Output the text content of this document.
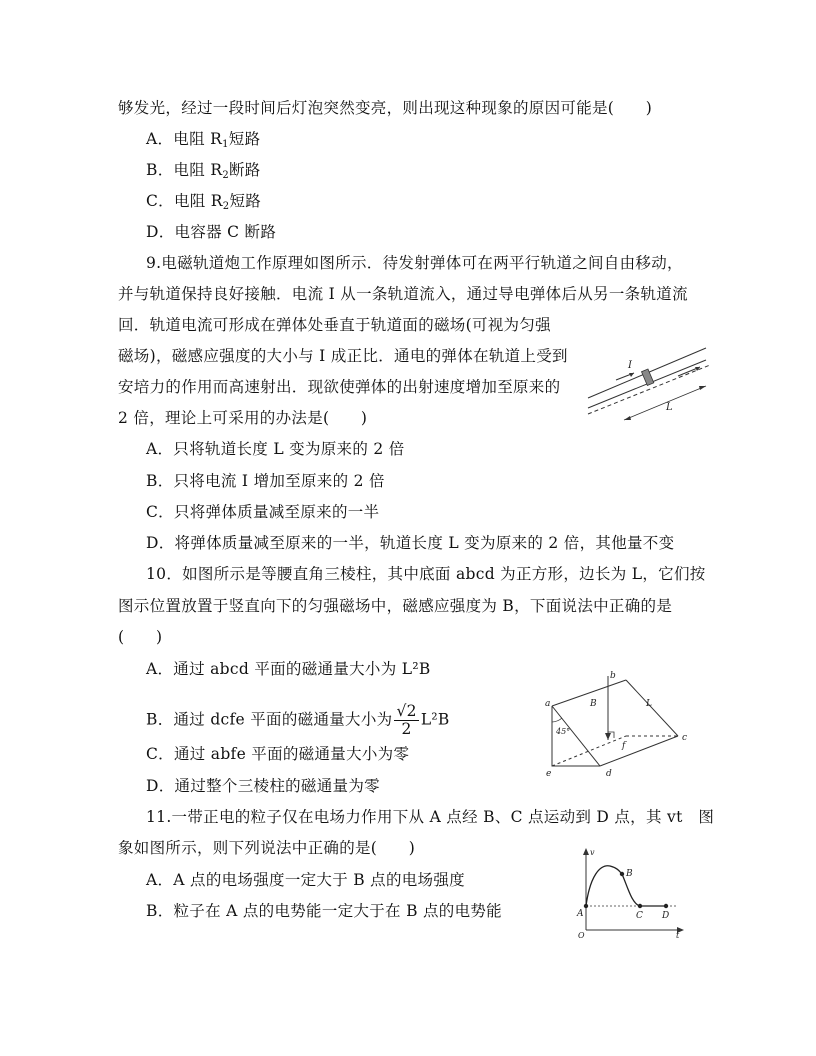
够发光，经过一段时间后灯泡突然变亮，则出现这种现象的原因可能是(　　)
A．电阻 $R_1$短路
B．电阻 $R_2$断路
C．电阻 $R_2$短路
D．电容器 C 断路
9.电磁轨道炮工作原理如图所示．待发射弹体可在两平行轨道之间自由移动，
并与轨道保持良好接触．电流 I 从一条轨道流入，通过导电弹体后从另一条轨道流
回．轨道电流可形成在弹体处垂直于轨道面的磁场(可视为匀强
磁场)，磁感应强度的大小与 I 成正比．通电的弹体在轨道上受到
安培力的作用而高速射出．现欲使弹体的出射速度增加至原来的
2 倍，理论上可采用的办法是(　　)
A．只将轨道长度 L 变为原来的 2 倍
B．只将电流 I 增加至原来的 2 倍
C．只将弹体质量减至原来的一半
D．将弹体质量减至原来的一半，轨道长度 L 变为原来的 2 倍，其他量不变
I
L
10．如图所示是等腰直角三棱柱，其中底面 abcd 为正方形，边长为 L，它们按
图示位置放置于竖直向下的匀强磁场中，磁感应强度为 B，下面说法中正确的是
(　　)
A．通过 abcd 平面的磁通量大小为 L²B
B．通过 dcfe 平面的磁通量大小为 $\frac{√2}{2} L^2B$
C．通过 abfe 平面的磁通量大小为零
D．通过整个三棱柱的磁通量为零
a
b
c
d
e
f
B	L
45°
11.一带正电的粒子仅在电场力作用下从 A 点经 B、C 点运动到 D 点，其 vt　图
象如图所示，则下列说法中正确的是(　　)
A．A 点的电场强度一定大于 B 点的电场强度
B．粒子在 A 点的电势能一定大于在 B 点的电势能
v
t
O
A
B
C D
